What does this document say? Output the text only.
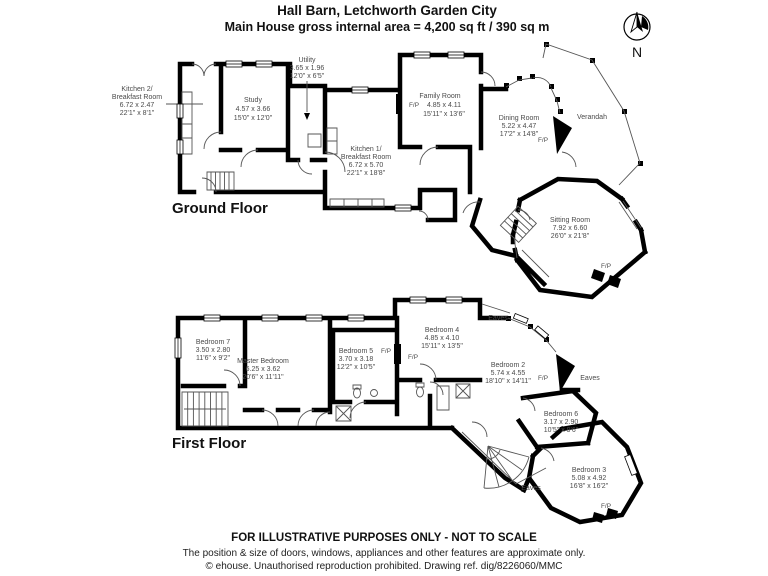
Hall Barn, Letchworth Garden City
Main House gross internal area = 4,200 sq ft / 390 sq m
N
Kitchen 2/
Breakfast Room
6.72 x 2.47
22'1" x 8'1"
Study
4.57 x 3.66
15'0" x 12'0"
Utility
3.65 x 1.96
12'0" x 6'5"
Family Room
F/P 4.85 x 4.11
15'11" x 13'6"
Kitchen 1/
Breakfast Room
6.72 x 5.70
22'1" x 18'8"
Dining Room
5.22 x 4.47
17'2" x 14'8"
F/P
Verandah
Sitting Room
7.92 x 6.60
26'0" x 21'8"
F/P
Ground Floor
Bedroom 7
3.50 x 2.80
11'6" x 9'2" Master Bedroom
6.25 x 3.62
20'6" x 11'11"
Bedroom 5 F/P
3.70 x 3.18
12'2" x 10'5"
Bedroom 4
4.85 x 4.10
15'11" x 13'5"
F/P
Bedroom 2
5.74 x 4.55
18'10" x 14'11" F/P
Bedroom 6
3.17 x 2.90
10'5" x 9'6"
Bedroom 3
5.08 x 4.92
16'8" x 16'2"
F/P
Eaves
Eaves
Eaves
First Floor
FOR ILLUSTRATIVE PURPOSES ONLY - NOT TO SCALE
The position & size of doors, windows, appliances and other features are approximate only.
© ehouse. Unauthorised reproduction prohibited. Drawing ref. dig/8226060/MMC
